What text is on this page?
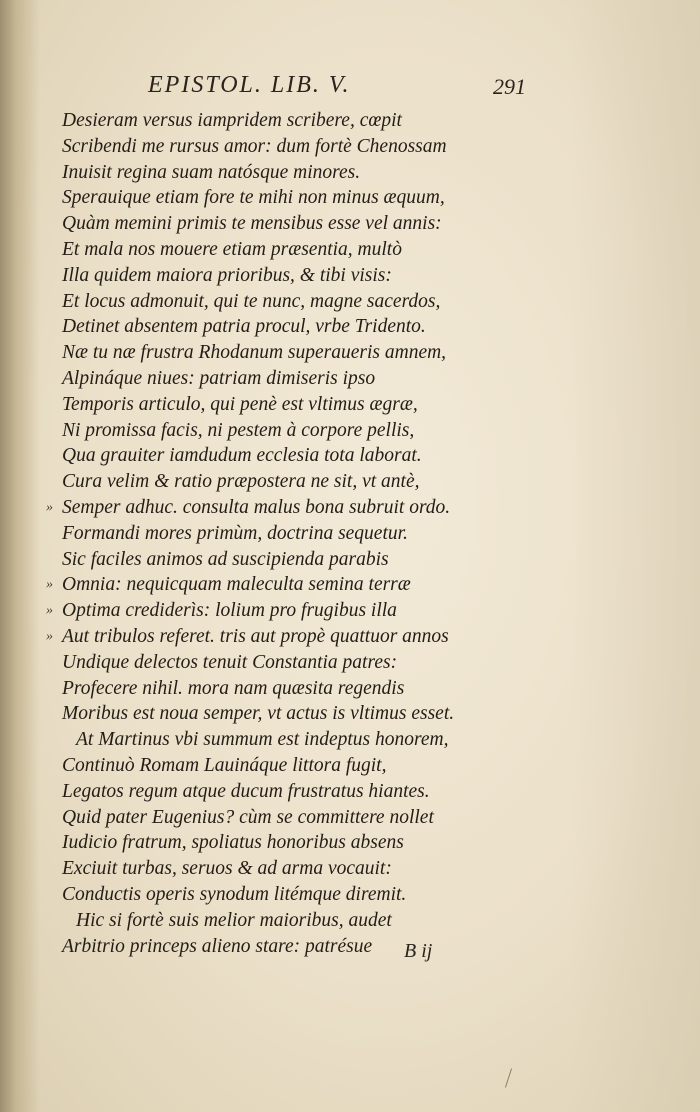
EPISTOL. LIB. V.	291
Desieram versus iampridem scribere, cœpit
Scribendi me rursus amor: dum fortè Chenossam
Inuisit regina suam natósque minores.
Sperauique etiam fore te mihi non minus æquum,
Quàm memini primis te mensibus esse vel annis:
Et mala nos mouere etiam præsentia, multò
Illa quidem maiora prioribus, & tibi visis:
Et locus admonuit, qui te nunc, magne sacerdos,
Detinet absentem patria procul, vrbe Tridento.
Næ tu næ frustra Rhodanum superaueris amnem,
Alpináque niues: patriam dimiseris ipso
Temporis articulo, qui penè est vltimus ægræ,
Ni promissa facis, ni pestem à corpore pellis,
Qua grauiter iamdudum ecclesia tota laborat.
Cura velim & ratio præpostera ne sit, vt antè,
» Semper adhuc. consulta malus bona subruit ordo.
Formandi mores primùm, doctrina sequetur.
Sic faciles animos ad suscipienda parabis
» Omnia: nequicquam maleculta semina terræ
» Optima crediderìs: lolium pro frugibus illa
» Aut tribulos referet. tris aut propè quattuor annos
Undique delectos tenuit Constantia patres:
Profecere nihil. mora nam quæsita regendis
Moribus est noua semper, vt actus is vltimus esset.
At Martinus vbi summum est indeptus honorem,
Continuò Romam Lauináque littora fugit,
Legatos regum atque ducum frustratus hiantes.
Quid pater Eugenius? cùm se committere nollet
Iudicio fratrum, spoliatus honoribus absens
Exciuit turbas, seruos & ad arma vocauit:
Conductis operis synodum litémque diremit.
Hic si fortè suis melior maioribus, audet
Arbitrio princeps alieno stare: patrésue	B ij
